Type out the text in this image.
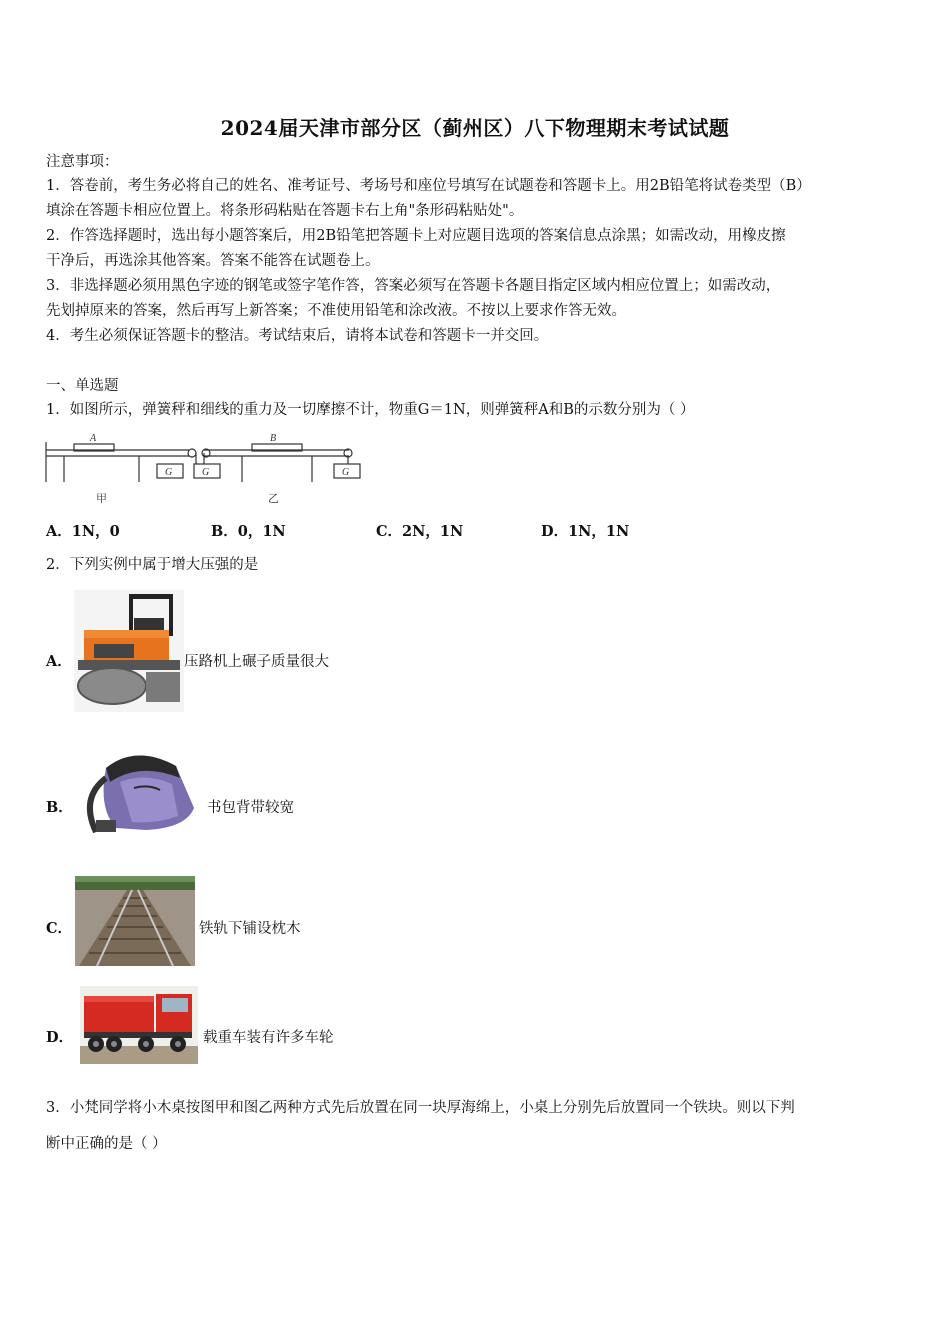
2024届天津市部分区（蓟州区）八下物理期末考试试题
注意事项：
1．答卷前，考生务必将自己的姓名、准考证号、考场号和座位号填写在试题卷和答题卡上。用2B铅笔将试卷类型（B）
填涂在答题卡相应位置上。将条形码粘贴在答题卡右上角"条形码粘贴处"。
2．作答选择题时，选出每小题答案后，用2B铅笔把答题卡上对应题目选项的答案信息点涂黑；如需改动，用橡皮擦
干净后，再选涂其他答案。答案不能答在试题卷上。
3．非选择题必须用黑色字迹的钢笔或签字笔作答，答案必须写在答题卡各题目指定区域内相应位置上；如需改动，
先划掉原来的答案，然后再写上新答案；不准使用铅笔和涂改液。不按以上要求作答无效。
4．考生必须保证答题卡的整洁。考试结束后，请将本试卷和答题卡一并交回。
一、单选题
1．如图所示，弹簧秤和细线的重力及一切摩擦不计，物重G＝1N，则弹簧秤A和B的示数分别为（ ）
A	B
G	G	G
甲	乙
A．1N，0	B．0，1N	C．2N，1N	D．1N，1N
2．下列实例中属于增大压强的是
A．	压路机上碾子质量很大
B．	书包背带较宽
C．	铁轨下铺设枕木
D．	载重车装有许多车轮
3．小梵同学将小木桌按图甲和图乙两种方式先后放置在同一块厚海绵上，小桌上分别先后放置同一个铁块。则以下判
断中正确的是（ ）
